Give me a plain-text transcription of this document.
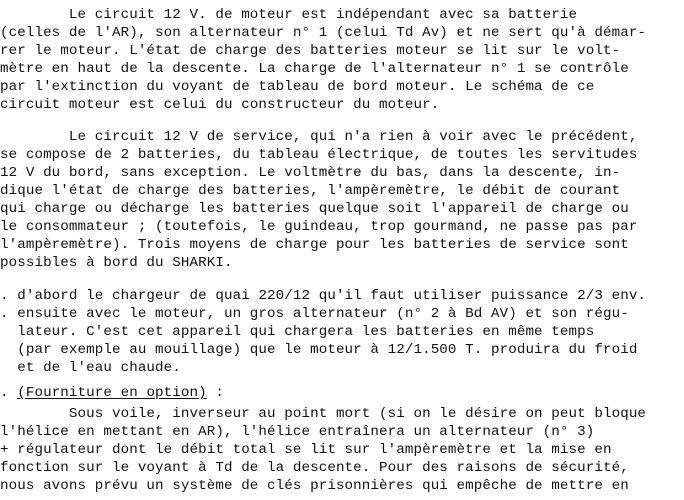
Le circuit 12 V. de moteur est indépendant avec sa batterie
(celles de l'AR), son alternateur n° 1 (celui Td Av) et ne sert qu'à démar-
rer le moteur. L'état de charge des batteries moteur se lit sur le volt-
mètre en haut de la descente. La charge de l'alternateur n° 1 se contrôle
par l'extinction du voyant de tableau de bord moteur. Le schéma de ce
circuit moteur est celui du constructeur du moteur.
Le circuit 12 V de service, qui n'a rien à voir avec le précédent,
se compose de 2 batteries, du tableau électrique, de toutes les servitudes
12 V du bord, sans exception. Le voltmètre du bas, dans la descente, in-
dique l'état de charge des batteries, l'ampèremètre, le débit de courant
qui charge ou décharge les batteries quelque soit l'appareil de charge ou
le consommateur ; (toutefois, le guindeau, trop gourmand, ne passe pas par
l'ampèremètre). Trois moyens de charge pour les batteries de service sont
possibles à bord du SHARKI.
. d'abord le chargeur de quai 220/12 qu'il faut utiliser puissance 2/3 env.
. ensuite avec le moteur, un gros alternateur (n° 2 à Bd AV) et son régu-
lateur. C'est cet appareil qui chargera les batteries en même temps
(par exemple au mouillage) que le moteur à 12/1.500 T. produira du froid
et de l'eau chaude.
. (Fourniture en option) :
Sous voile, inverseur au point mort (si on le désire on peut bloque
l'hélice en mettant en AR), l'hélice entraînera un alternateur (n° 3)
+ régulateur dont le débit total se lit sur l'ampèremètre et la mise en
fonction sur le voyant à Td de la descente. Pour des raisons de sécurité,
nous avons prévu un système de clés prisonnières qui empêche de mettre en
